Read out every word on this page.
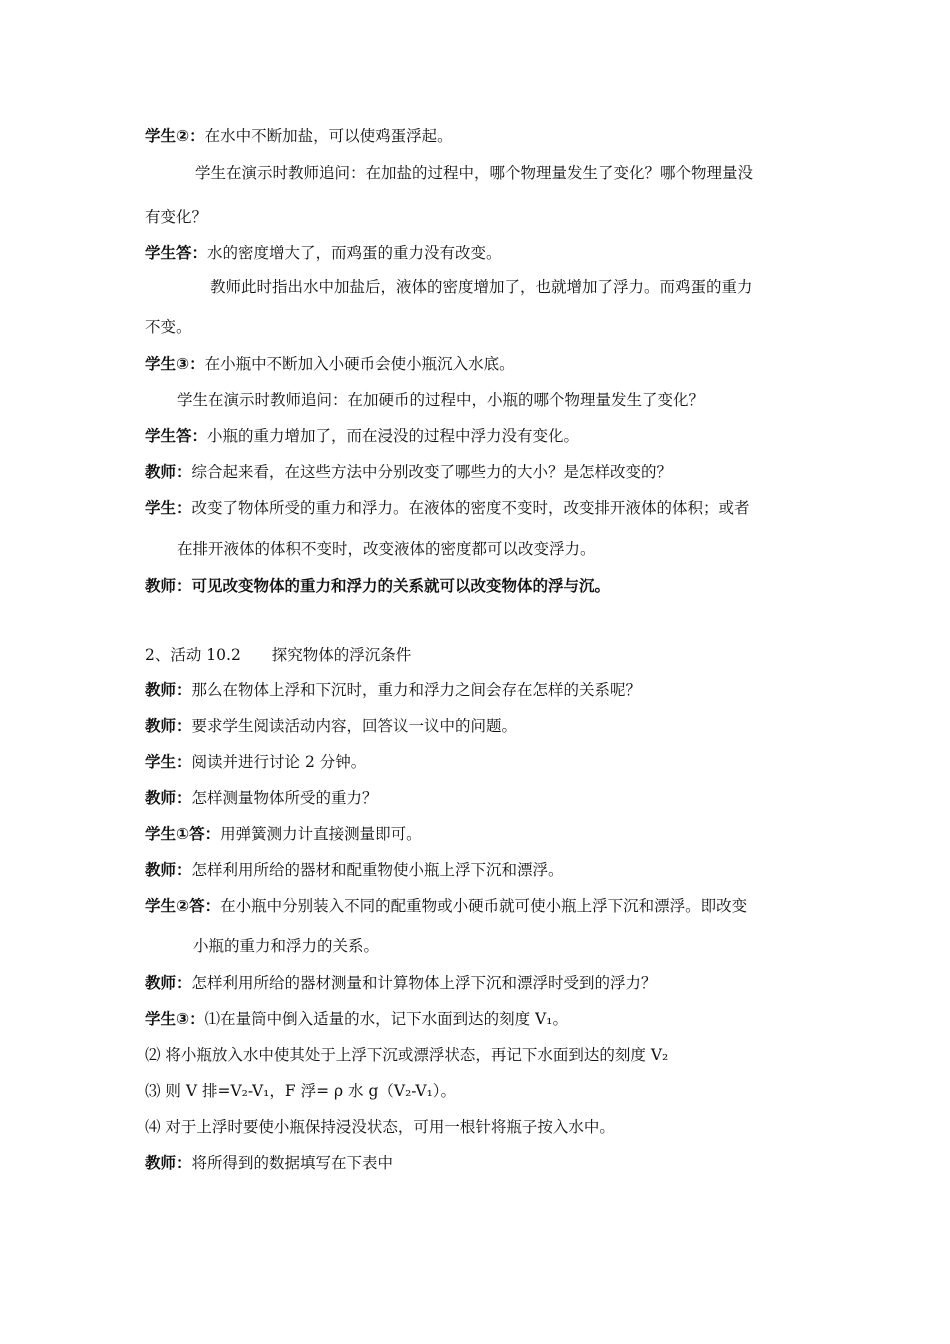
学生②：在水中不断加盐，可以使鸡蛋浮起。
学生在演示时教师追问：在加盐的过程中，哪个物理量发生了变化？哪个物理量没
有变化？
学生答：水的密度增大了，而鸡蛋的重力没有改变。
教师此时指出水中加盐后，液体的密度增加了，也就增加了浮力。而鸡蛋的重力
不变。
学生③：在小瓶中不断加入小硬币会使小瓶沉入水底。
学生在演示时教师追问：在加硬币的过程中，小瓶的哪个物理量发生了变化？
学生答：小瓶的重力增加了，而在浸没的过程中浮力没有变化。
教师：综合起来看，在这些方法中分别改变了哪些力的大小？是怎样改变的？
学生：改变了物体所受的重力和浮力。在液体的密度不变时，改变排开液体的体积；或者
在排开液体的体积不变时，改变液体的密度都可以改变浮力。
教师：可见改变物体的重力和浮力的关系就可以改变物体的浮与沉。
2、活动 10.2　　探究物体的浮沉条件
教师：那么在物体上浮和下沉时，重力和浮力之间会存在怎样的关系呢？
教师：要求学生阅读活动内容，回答议一议中的问题。
学生：阅读并进行讨论 2 分钟。
教师：怎样测量物体所受的重力？
学生①答：用弹簧测力计直接测量即可。
教师：怎样利用所给的器材和配重物使小瓶上浮下沉和漂浮。
学生②答：在小瓶中分别装入不同的配重物或小硬币就可使小瓶上浮下沉和漂浮。即改变
小瓶的重力和浮力的关系。
教师：怎样利用所给的器材测量和计算物体上浮下沉和漂浮时受到的浮力？
学生③：⑴在量筒中倒入适量的水，记下水面到达的刻度 V₁。
⑵ 将小瓶放入水中使其处于上浮下沉或漂浮状态，再记下水面到达的刻度 V₂
⑶ 则 V 排=V₂-V₁，F 浮= ρ 水 g（V₂-V₁）。
⑷ 对于上浮时要使小瓶保持浸没状态，可用一根针将瓶子按入水中。
教师：将所得到的数据填写在下表中
